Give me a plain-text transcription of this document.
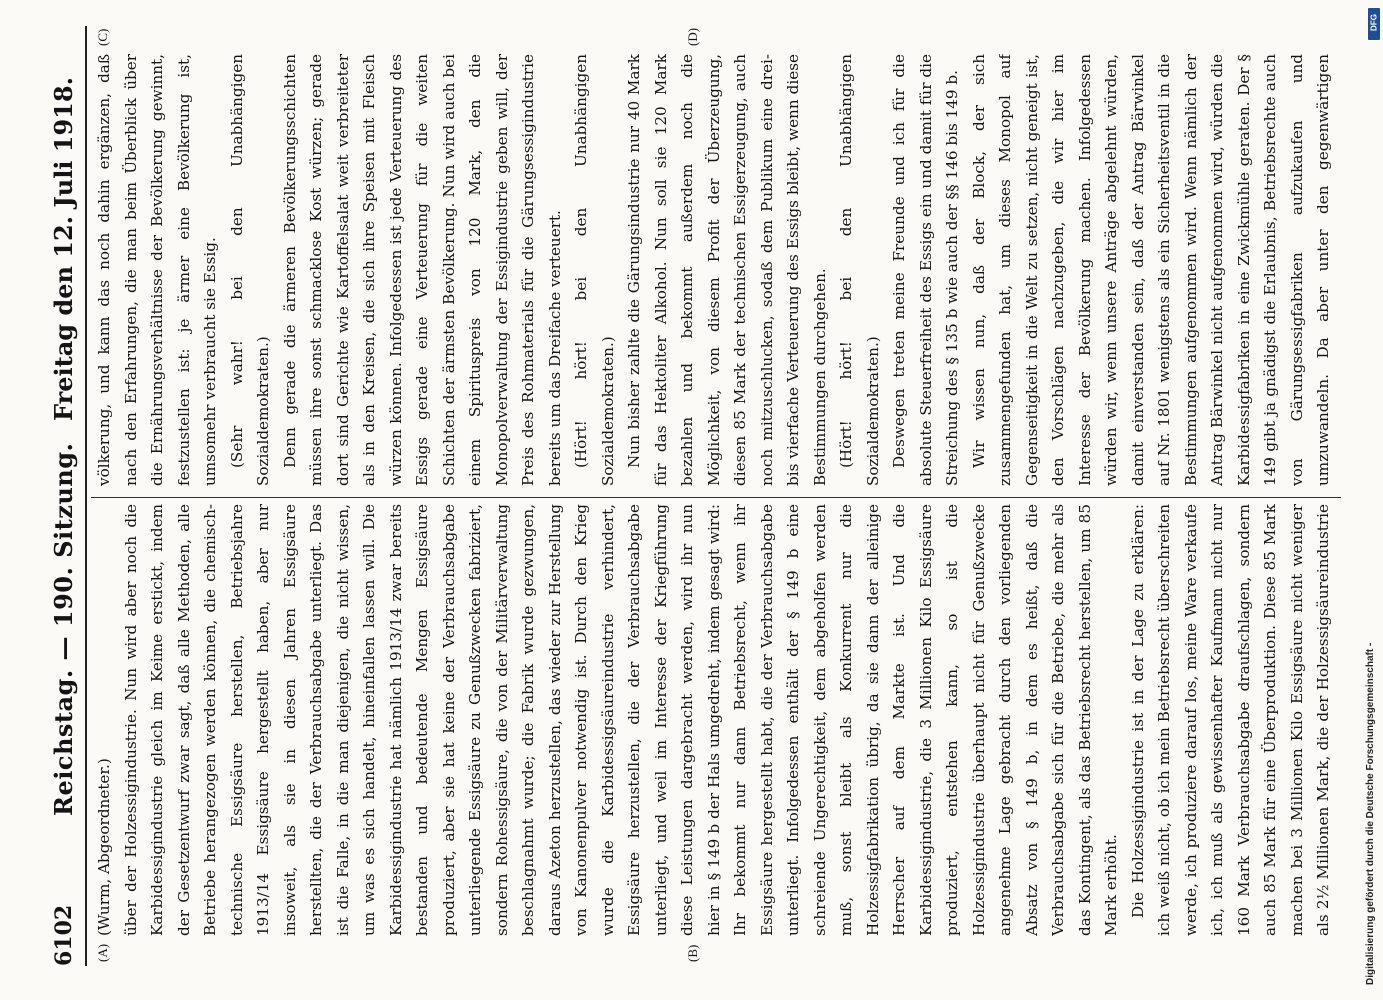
6102
Reichstag. — 190. Sitzung.
Freitag den 12. Juli 1918.
(A)	(B)
(C)	(D)

(Wurm, Abgeordneter.) über der Holzessigindustrie. Nun wird aber noch die Karbidessigindustrie gleich im Keime erstickt, indem der Gesetzentwurf zwar sagt, daß alle Methoden, alle Betriebe herangezogen werden können, die chemisch-technische Essigsäure herstellen, Betriebsjahre 1913/14 Essigsäure hergestellt haben, aber nur insoweit, als sie in diesen Jahren Essigsäure herstellten, die der Verbrauchsabgabe unterliegt. Das ist die Falle, in die man diejenigen, die nicht wissen, um was es sich handelt, hineinfallen lassen will. Die Karbidessigindustrie hat nämlich 1913/14 zwar bereits bestanden und bedeutende Mengen Essigsäure produziert, aber sie hat keine der Verbrauchsabgabe unterliegende Essigsäure zu Genußzwecken fabriziert, sondern Rohessigsäure, die von der Militärverwaltung beschlagnahmt wurde; die Fabrik wurde gezwungen, daraus Azeton herzustellen, das wieder zur Herstellung von Kanonenpulver notwendig ist. Durch den Krieg wurde die Karbidessigsäureindustrie verhindert, Essigsäure herzustellen, die der Verbrauchsabgabe unterliegt, und weil im Interesse der Kriegführung diese Leistungen dargebracht werden, wird ihr nun hier in § 149 b der Hals umgedreht, indem gesagt wird: Ihr bekommt nur dann Betriebsrecht, wenn ihr Essigsäure hergestellt habt, die der Verbrauchsabgabe unterliegt. Infolgedessen enthält der § 149 b eine schreiende Ungerechtigkeit, dem abgeholfen werden muß, sonst bleibt als Konkurrent nur die Holzessigfabrikation übrig, da sie dann der alleinige Herrscher auf dem Markte ist. Und die Karbidessigindustrie, die 3 Millionen Kilo Essigsäure produziert, entstehen kann, so ist die Holzessigindustrie überhaupt nicht für Genußzwecke angenehme Lage gebracht durch den vorliegenden Absatz von § 149 b, in dem es heißt, daß die Verbrauchsabgabe sich für die Betriebe, die mehr als das Kontingent, als das Betriebsrecht herstellen, um 85 Mark erhöht. Die Holzessigindustrie ist in der Lage zu erklären: ich weiß nicht, ob ich mein Betriebsrecht überschreiten werde, ich produziere darauf los, meine Ware verkaufe ich, ich muß als gewissenhafter Kaufmann nicht nur 160 Mark Verbrauchsabgabe draufschlagen, sondern auch 85 Mark für eine Überproduktion. Diese 85 Mark machen bei 3 Millionen Kilo Essigsäure nicht weniger als 2½ Millionen Mark, die der Holzessigsäureindustrie

völkerung, und kann das noch dahin ergänzen, daß nach den Erfahrungen, die man beim Überblick über die Ernährungsverhältnisse der Bevölkerung gewinnt, festzustellen ist: je ärmer eine Bevölkerung ist, umsomehr verbraucht sie Essig. (Sehr wahr! bei den Unabhängigen Sozialdemokraten.) Denn gerade die ärmeren Bevölkerungsschichten müssen ihre sonst schmacklose Kost würzen; gerade dort sind Gerichte wie Kartoffelsalat weit verbreiteter als in den Kreisen, die sich ihre Speisen mit Fleisch würzen können. Infolgedessen ist jede Verteuerung des Essigs gerade eine Verteuerung für die weiten Schichten der ärmsten Bevölkerung. Nun wird auch bei einem Spirituspreis von 120 Mark, den die Monopolverwaltung der Essigindustrie geben will, der Preis des Rohmaterials für die Gärungsessigindustrie bereits um das Dreifache verteuert. (Hört! hört! bei den Unabhängigen Sozialdemokraten.) Nun bisher zahlte die Gärungsindustrie nur 40 Mark für das Hektoliter Alkohol. Nun soll sie 120 Mark bezahlen und bekommt außerdem noch die Möglichkeit, von diesem Profit der Überzeugung, diesen 85 Mark der technischen Essigerzeugung, auch noch mitzuschlucken, sodaß dem Publikum eine drei- bis vierfache Verteuerung des Essigs bleibt, wenn diese Bestimmungen durchgehen. (Hört! hört! bei den Unabhängigen Sozialdemokraten.) Deswegen treten meine Freunde und ich für die absolute Steuerfreiheit des Essigs ein und damit für die Streichung des § 135 b wie auch der §§ 146 bis 149 b. Wir wissen nun, daß der Block, der sich zusammengefunden hat, um dieses Monopol auf Gegenseitigkeit in die Welt zu setzen, nicht geneigt ist, den Vorschlägen nachzugeben, die wir hier im Interesse der Bevölkerung machen. Infolgedessen würden wir, wenn unsere Anträge abgelehnt würden, damit einverstanden sein, daß der Antrag Bärwinkel auf Nr. 1801 wenigstens als ein Sicherheitsventil in die Bestimmungen aufgenommen wird. Wenn nämlich der Antrag Bärwinkel nicht aufgenommen wird, würden die Karbidessigfabriken in eine Zwickmühle geraten. Der § 149 gibt ja gnädigst die Erlaubnis, Betriebsrechte auch von Gärungsessigfabriken aufzukaufen und umzuwandeln. Da aber unter den gegenwärtigen

Digitalisierung gefördert durch die Deutsche Forschungsgemeinschaft -
DFG
